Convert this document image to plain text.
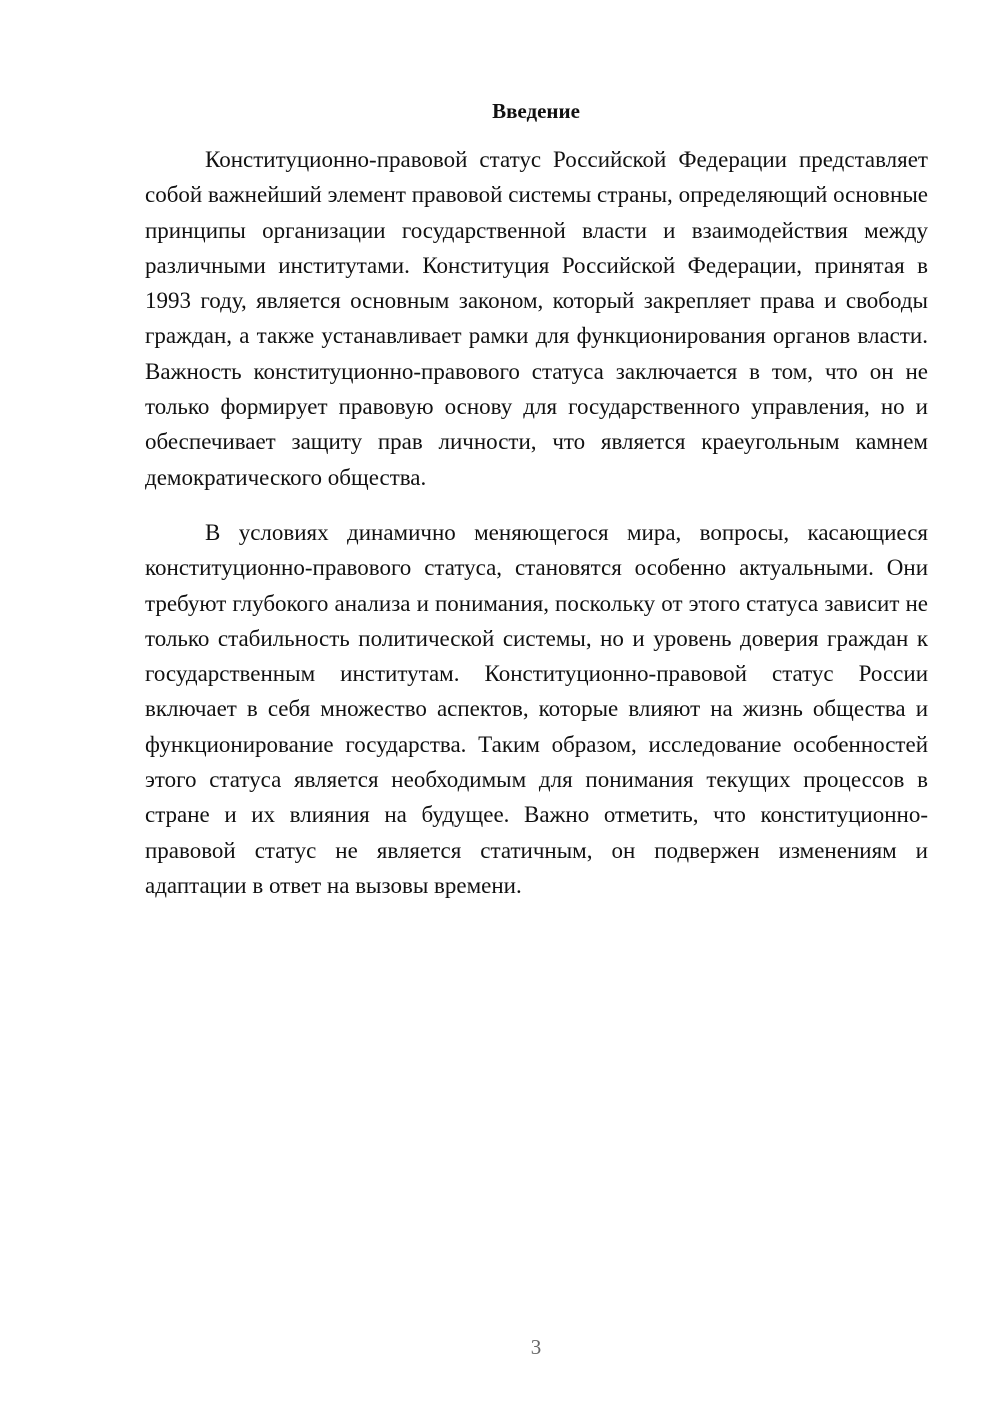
Введение

Конституционно-правовой статус Российской Федерации представляет собой важнейший элемент правовой системы страны, определяющий основные принципы организации государственной власти и взаимодействия между различными институтами. Конституция Российской Федерации, принятая в 1993 году, является основным законом, который закрепляет права и свободы граждан, а также устанавливает рамки для функционирования органов власти. Важность конституционно-правового статуса заключается в том, что он не только формирует правовую основу для государственного управления, но и обеспечивает защиту прав личности, что является краеугольным камнем демократического общества.

В условиях динамично меняющегося мира, вопросы, касающиеся конституционно-правового статуса, становятся особенно актуальными. Они требуют глубокого анализа и понимания, поскольку от этого статуса зависит не только стабильность политической системы, но и уровень доверия граждан к государственным институтам. Конституционно-правовой статус России включает в себя множество аспектов, которые влияют на жизнь общества и функционирование государства. Таким образом, исследование особенностей этого статуса является необходимым для понимания текущих процессов в стране и их влияния на будущее. Важно отметить, что конституционно-правовой статус не является статичным, он подвержен изменениям и адаптации в ответ на вызовы времени.

3
